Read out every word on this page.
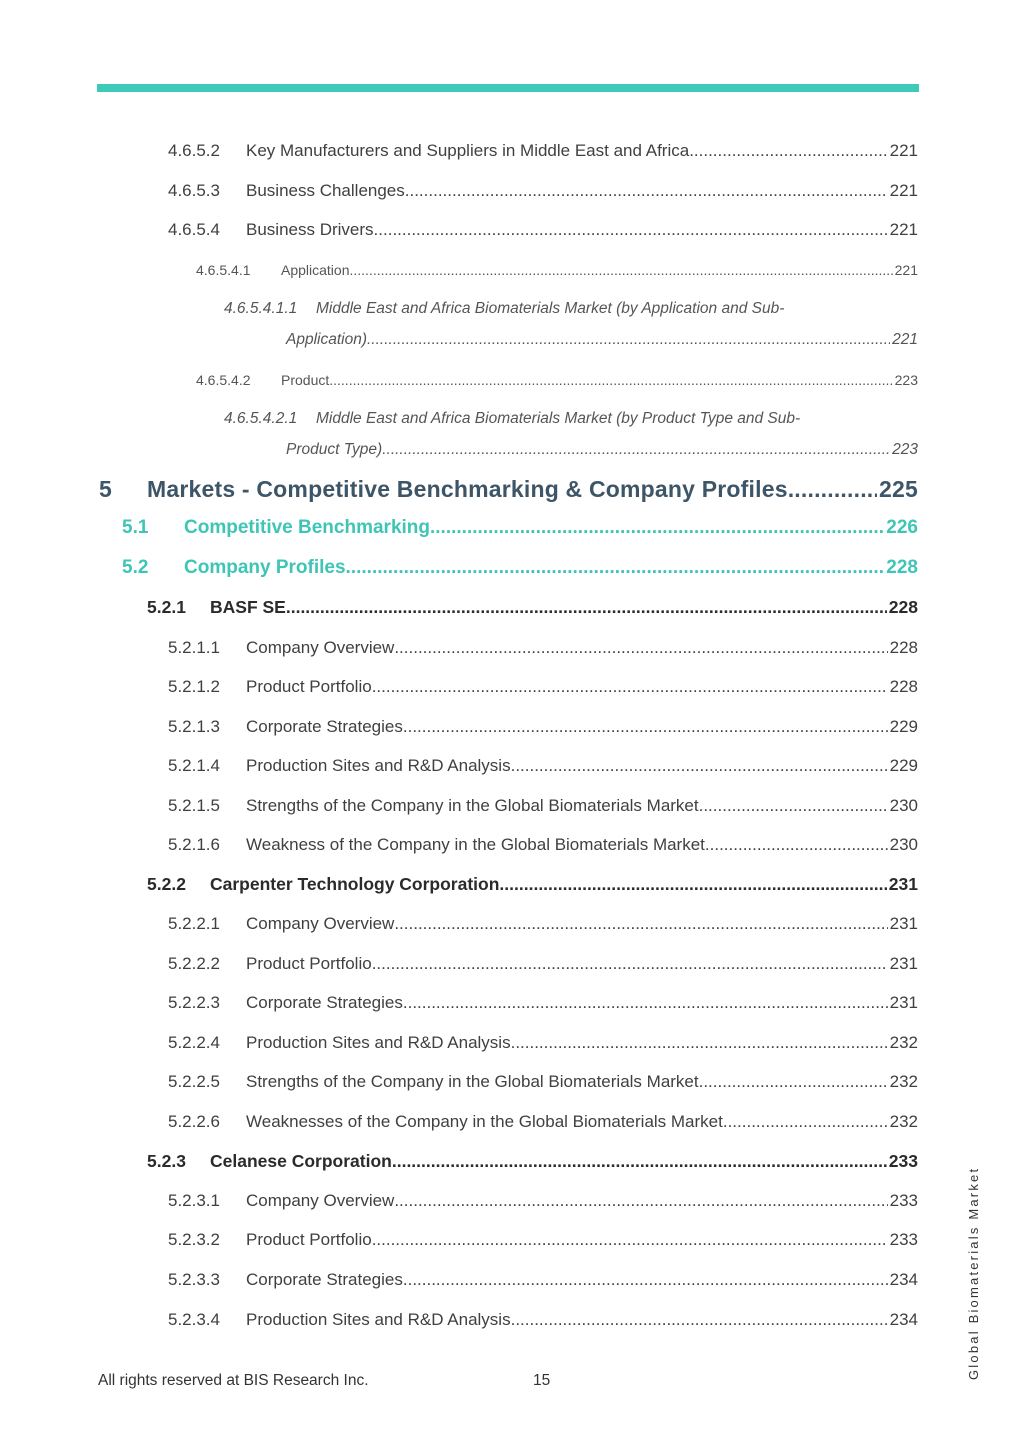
4.6.5.2	Key Manufacturers and Suppliers in Middle East and Africa .....	221
4.6.5.3	Business Challenges .....	221
4.6.5.4	Business Drivers .....	221
4.6.5.4.1	Application .....	221
4.6.5.4.1.1	Middle East and Africa Biomaterials Market (by Application and Sub-
Application) .....	221
4.6.5.4.2	Product .....	223
4.6.5.4.2.1	Middle East and Africa Biomaterials Market (by Product Type and Sub-
Product Type) .....	223
5	Markets - Competitive Benchmarking & Company Profiles .....	225
5.1	Competitive Benchmarking .....	226
5.2	Company Profiles .....	228
5.2.1	BASF SE .....	228
5.2.1.1	Company Overview .....	228
5.2.1.2	Product Portfolio .....	228
5.2.1.3	Corporate Strategies .....	229
5.2.1.4	Production Sites and R&D Analysis .....	229
5.2.1.5	Strengths of the Company in the Global Biomaterials Market .....	230
5.2.1.6	Weakness of the Company in the Global Biomaterials Market .....	230
5.2.2	Carpenter Technology Corporation .....	231
5.2.2.1	Company Overview .....	231
5.2.2.2	Product Portfolio .....	231
5.2.2.3	Corporate Strategies .....	231
5.2.2.4	Production Sites and R&D Analysis .....	232
5.2.2.5	Strengths of the Company in the Global Biomaterials Market .....	232
5.2.2.6	Weaknesses of the Company in the Global Biomaterials Market .....	232
5.2.3	Celanese Corporation .....	233
5.2.3.1	Company Overview .....	233
5.2.3.2	Product Portfolio .....	233
5.2.3.3	Corporate Strategies .....	234
5.2.3.4	Production Sites and R&D Analysis .....	234
All rights reserved at BIS Research Inc.	15
Global Biomaterials Market
